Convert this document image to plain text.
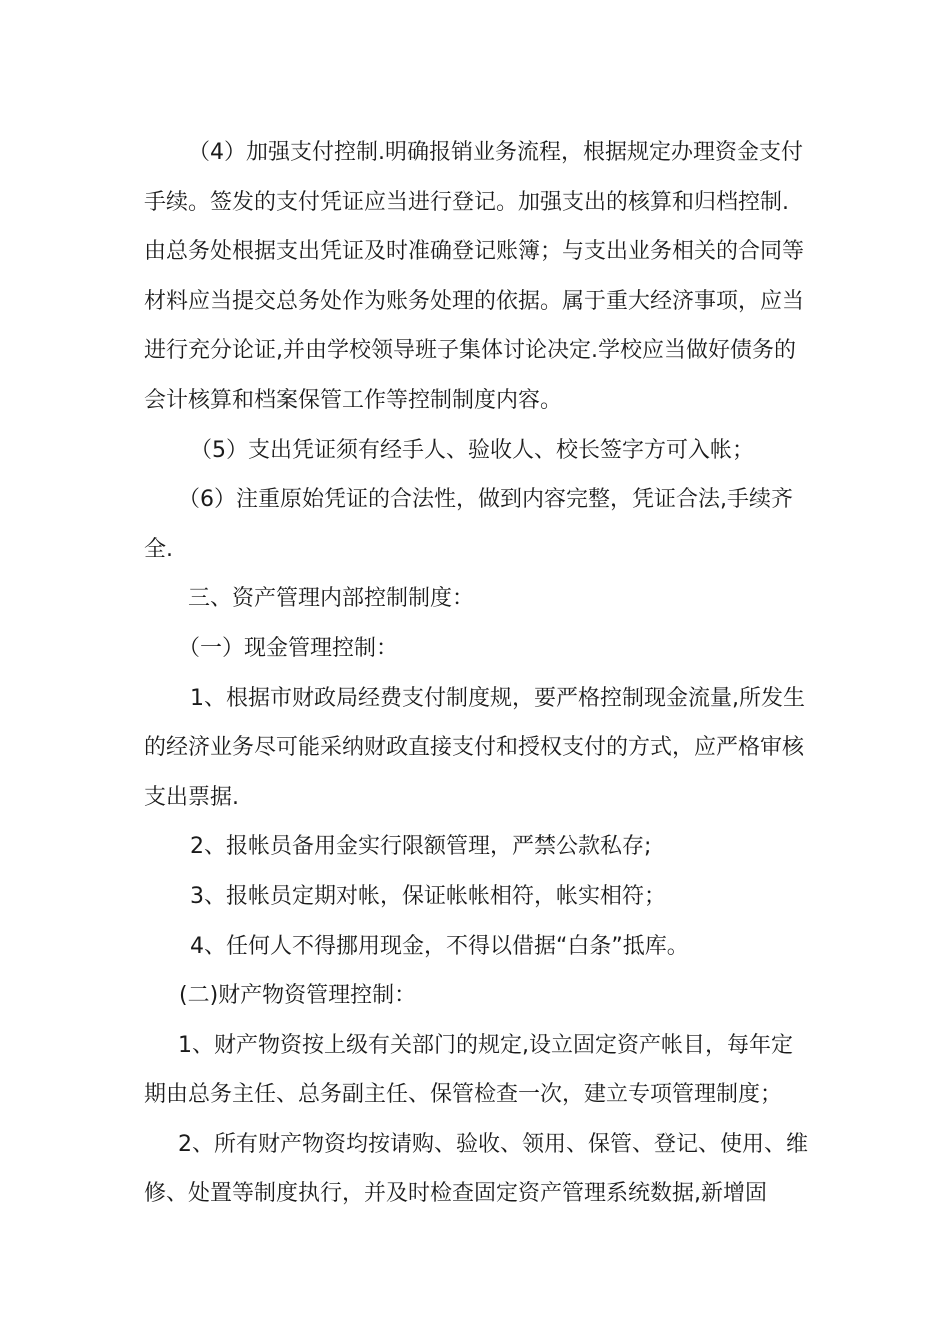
（4）加强支付控制.明确报销业务流程，根据规定办理资金支付手续。签发的支付凭证应当进行登记。加强支出的核算和归档控制.由总务处根据支出凭证及时准确登记账簿；与支出业务相关的合同等材料应当提交总务处作为账务处理的依据。属于重大经济事项，应当进行充分论证,并由学校领导班子集体讨论决定.学校应当做好债务的会计核算和档案保管工作等控制制度内容。

（5）支出凭证须有经手人、验收人、校长签字方可入帐；

（6）注重原始凭证的合法性，做到内容完整，凭证合法,手续齐全.

三、资产管理内部控制制度：

（一）现金管理控制：

1、根据市财政局经费支付制度规，要严格控制现金流量,所发生的经济业务尽可能采纳财政直接支付和授权支付的方式，应严格审核支出票据.

2、报帐员备用金实行限额管理，严禁公款私存;

3、报帐员定期对帐，保证帐帐相符，帐实相符；

4、任何人不得挪用现金，不得以借据“白条”抵库。

(二)财产物资管理控制：

1、财产物资按上级有关部门的规定,设立固定资产帐目，每年定期由总务主任、总务副主任、保管检查一次，建立专项管理制度；

2、所有财产物资均按请购、验收、领用、保管、登记、使用、维修、处置等制度执行，并及时检查固定资产管理系统数据,新增固
